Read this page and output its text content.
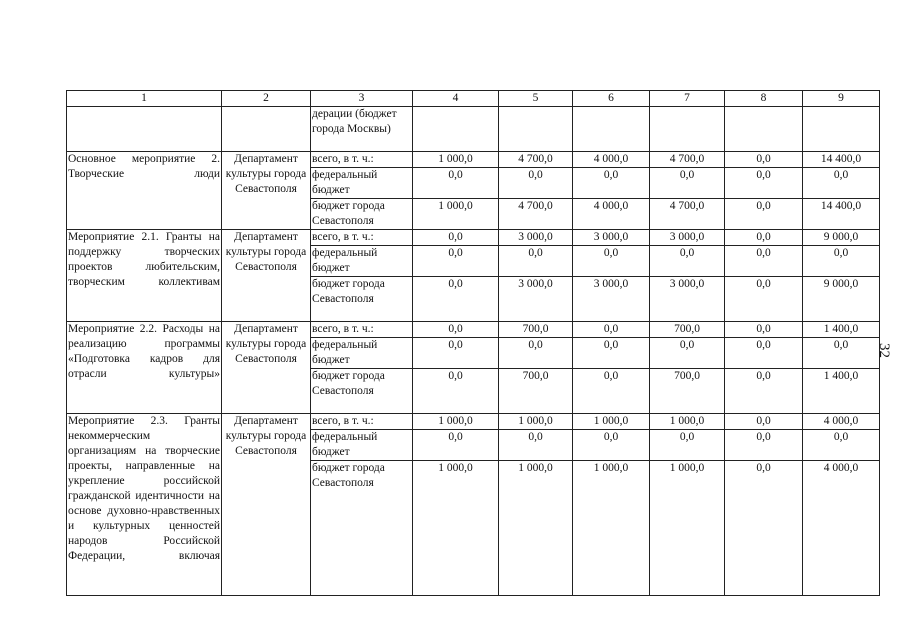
1	2	3	4	5	6	7	8	9
		дерации (бюджет города Москвы)						
Основное мероприятие 2. Творческие люди	Департамент культуры города Севастополя	всего, в т. ч.:	1 000,0	4 700,0	4 000,0	4 700,0	0,0	14 400,0
		федеральный бюджет	0,0	0,0	0,0	0,0	0,0	0,0
		бюджет города Севастополя	1 000,0	4 700,0	4 000,0	4 700,0	0,0	14 400,0
Мероприятие 2.1. Гранты на поддержку творческих проектов любительским, творческим коллективам	Департамент культуры города Севастополя	всего, в т. ч.:	0,0	3 000,0	3 000,0	3 000,0	0,0	9 000,0
		федеральный бюджет	0,0	0,0	0,0	0,0	0,0	0,0
		бюджет города Севастополя	0,0	3 000,0	3 000,0	3 000,0	0,0	9 000,0
Мероприятие 2.2. Расходы на реализацию программы «Подготовка кадров для отрасли культуры»	Департамент культуры города Севастополя	всего, в т. ч.:	0,0	700,0	0,0	700,0	0,0	1 400,0
		федеральный бюджет	0,0	0,0	0,0	0,0	0,0	0,0
		бюджет города Севастополя	0,0	700,0	0,0	700,0	0,0	1 400,0
Мероприятие 2.3. Гранты некоммерческим организациям на творческие проекты, направленные на укрепление российской гражданской идентичности на основе духовно-нравственных и культурных ценностей народов Российской Федерации, включая	Департамент культуры города Севастополя	всего, в т. ч.:	1 000,0	1 000,0	1 000,0	1 000,0	0,0	4 000,0
		федеральный бюджет	0,0	0,0	0,0	0,0	0,0	0,0
		бюджет города Севастополя	1 000,0	1 000,0	1 000,0	1 000,0	0,0	4 000,0
32
